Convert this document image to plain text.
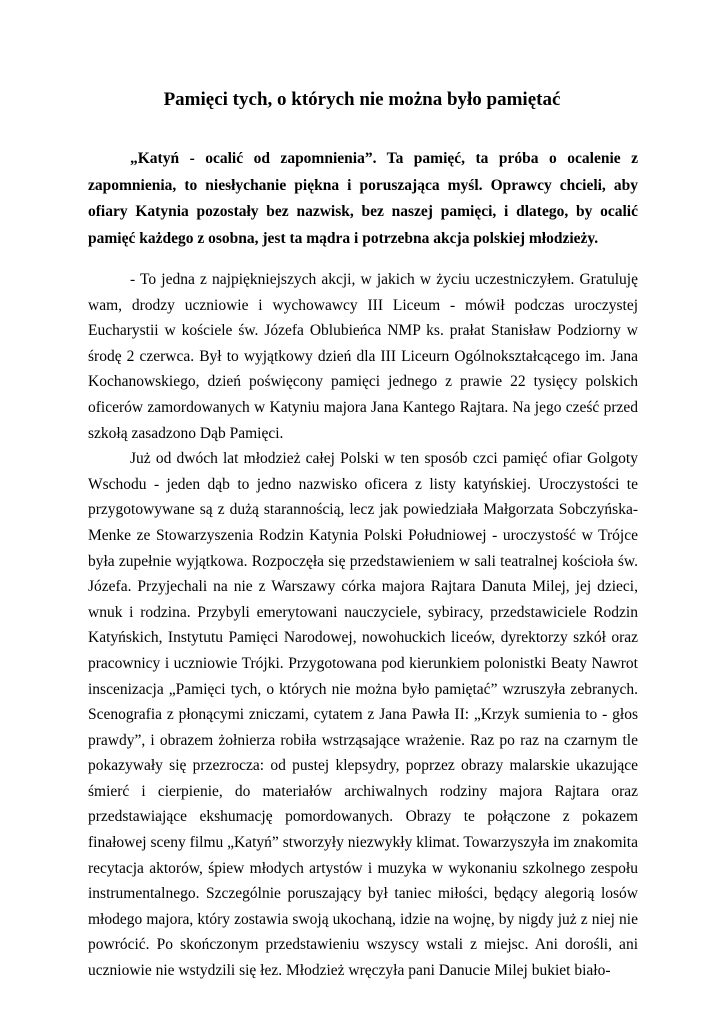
Pamięci tych, o których nie można było pamiętać

„Katyń - ocalić od zapomnienia”. Ta pamięć, ta próba o ocalenie z zapomnienia, to niesłychanie piękna i poruszająca myśl. Oprawcy chcieli, aby ofiary Katynia pozostały bez nazwisk, bez naszej pamięci, i dlatego, by ocalić pamięć każdego z osobna, jest ta mądra i potrzebna akcja polskiej młodzieży.

- To jedna z najpiękniejszych akcji, w jakich w życiu uczestniczyłem. Gratuluję wam, drodzy uczniowie i wychowawcy III Liceum - mówił podczas uroczystej Eucharystii w kościele św. Józefa Oblubieńca NMP ks. prałat Stanisław Podziorny w środę 2 czerwca. Był to wyjątkowy dzień dla III Liceurn Ogólnokształcącego im. Jana Kochanowskiego, dzień poświęcony pamięci jednego z prawie 22 tysięcy polskich oficerów zamordowanych w Katyniu majora Jana Kantego Rajtara. Na jego cześć przed szkołą zasadzono Dąb Pamięci.

Już od dwóch lat młodzież całej Polski w ten sposób czci pamięć ofiar Golgoty Wschodu - jeden dąb to jedno nazwisko oficera z listy katyńskiej. Uroczystości te przygotowywane są z dużą starannością, lecz jak powiedziała Małgorzata Sobczyńska-Menke ze Stowarzyszenia Rodzin Katynia Polski Południowej - uroczystość w Trójce była zupełnie wyjątkowa. Rozpoczęła się przedstawieniem w sali teatralnej kościoła św. Józefa. Przyjechali na nie z Warszawy córka majora Rajtara Danuta Milej, jej dzieci, wnuk i rodzina. Przybyli emerytowani nauczyciele, sybiracy, przedstawiciele Rodzin Katyńskich, Instytutu Pamięci Narodowej, nowohuckich liceów, dyrektorzy szkół oraz pracownicy i uczniowie Trójki. Przygotowana pod kierunkiem polonistki Beaty Nawrot inscenizacja „Pamięci tych, o których nie można było pamiętać” wzruszyła zebranych. Scenografia z płonącymi zniczami, cytatem z Jana Pawła II: „Krzyk sumienia to - głos prawdy”, i obrazem żołnierza robiła wstrząsające wrażenie. Raz po raz na czarnym tle pokazywały się przezrocza: od pustej klepsydry, poprzez obrazy malarskie ukazujące śmierć i cierpienie, do materiałów archiwalnych rodziny majora Rajtara oraz przedstawiające ekshumację pomordowanych. Obrazy te połączone z pokazem finałowej sceny filmu „Katyń” stworzyły niezwykły klimat. Towarzyszyła im znakomita recytacja aktorów, śpiew młodych artystów i muzyka w wykonaniu szkolnego zespołu instrumentalnego. Szczególnie poruszający był taniec miłości, będący alegorią losów młodego majora, który zostawia swoją ukochaną, idzie na wojnę, by nigdy już z niej nie powrócić. Po skończonym przedstawieniu wszyscy wstali z miejsc. Ani dorośli, ani uczniowie nie wstydzili się łez. Młodzież wręczyła pani Danucie Milej bukiet biało-
